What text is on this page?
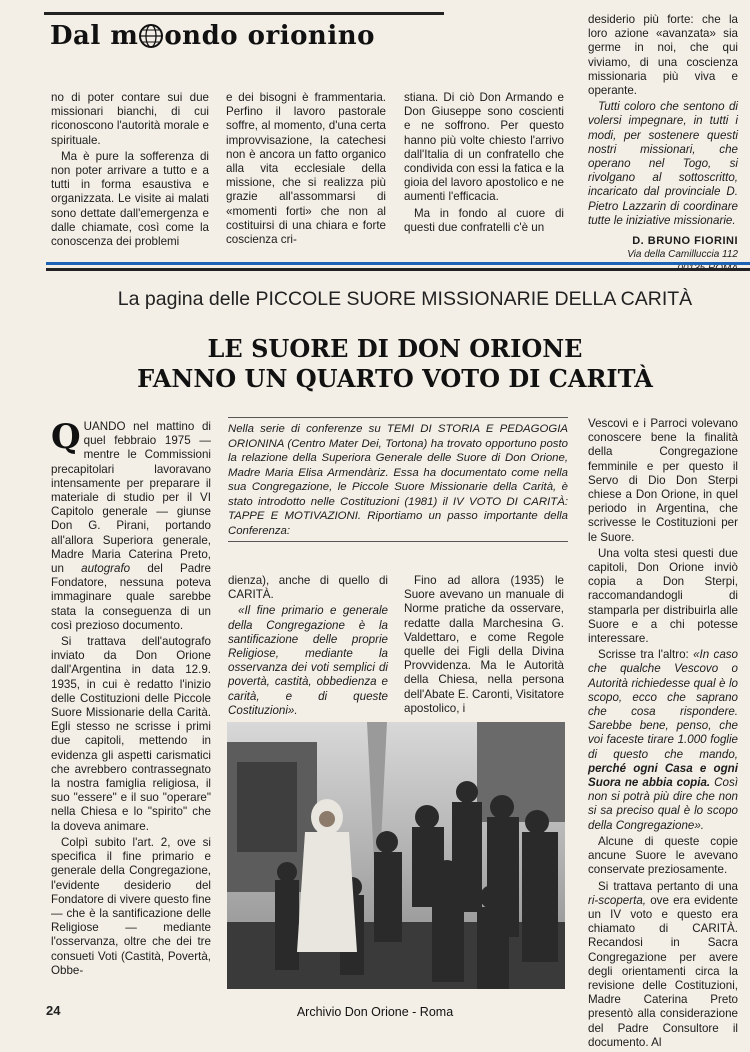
Dal m ondo orionino

no di poter contare sui due missionari bianchi, di cui riconoscono l'autorità morale e spirituale.

Ma è pure la sofferenza di non poter arrivare a tutto e a tutti in forma esaustiva e organizzata. Le visite ai malati sono dettate dall'emergenza e dalle chiamate, così come la conoscenza dei problemi

e dei bisogni è frammentaria. Perfino il lavoro pastorale soffre, al momento, d'una certa improvvisazione, la catechesi non è ancora un fatto organico alla vita ecclesiale della missione, che si realizza più grazie all'assommarsi di «momenti forti» che non al costituirsi di una chiara e forte coscienza cri-

stiana. Di ciò Don Armando e Don Giuseppe sono coscienti e ne soffrono. Per questo hanno più volte chiesto l'arrivo dall'Italia di un confratello che condivida con essi la fatica e la gioia del lavoro apostolico e ne aumenti l'efficacia.

Ma in fondo al cuore di questi due confratelli c'è un

desiderio più forte: che la loro azione «avanzata» sia germe in noi, che qui viviamo, di una coscienza missionaria più viva e operante.

Tutti coloro che sentono di volersi impegnare, in tutti i modi, per sostenere questi nostri missionari, che operano nel Togo, si rivolgano al sottoscritto, incaricato dal provinciale D. Pietro Lazzarin di coordinare tutte le iniziative missionarie.

D. BRUNO FIORINI
Via della Camilluccia 112
La pagina delle PICCOLE SUORE MISSIONARIE DELLA CARITÀ
LE SUORE DI DON ORIONE
FANNO UN QUARTO VOTO DI CARITÀ

QUANDO nel mattino di quel febbraio 1975 — mentre le Commissioni precapitolari lavoravano intensamente per preparare il materiale di studio per il VI Capitolo generale — giunse Don G. Pirani, portando all'allora Superiora generale, Madre Maria Caterina Preto, un autografo del Padre Fondatore, nessuna poteva immaginare quale sarebbe stata la conseguenza di un così prezioso documento.

Si trattava dell'autografo inviato da Don Orione dall'Argentina in data 12.9. 1935, in cui è redatto l'inizio delle Costituzioni delle Piccole Suore Missionarie della Carità. Egli stesso ne scrisse i primi due capitoli, mettendo in evidenza gli aspetti carismatici che avrebbero contrassegnato la nostra famiglia religiosa, il suo "essere" e il suo "operare" nella Chiesa e lo "spirito" che la doveva animare.

Colpì subito l'art. 2, ove si specifica il fine primario e generale della Congregazione, l'evidente desiderio del Fondatore di vivere questo fine — che è la santificazione delle Religiose — mediante l'osservanza, oltre che dei tre consueti Voti (Castità, Povertà, Obbe-

Nella serie di conferenze su TEMI DI STORIA E PEDAGOGIA ORIONINA (Centro Mater Dei, Tortona) ha trovato opportuno posto la relazione della Superiora Generale delle Suore di Don Orione, Madre Maria Elisa Armendàriz. Essa ha documentato come nella sua Congregazione, le Piccole Suore Missionarie della Carità, è stato introdotto nelle Costituzioni (1981) il IV VOTO DI CARITÀ: TAPPE E MOTIVAZIONI. Riportiamo un passo importante della Conferenza:

dienza), anche di quello di CARITÀ.

«Il fine primario e generale della Congregazione è la santificazione delle proprie Religiose, mediante la osservanza dei voti semplici di povertà, castità, obbedienza e carità, e di queste Costituzioni».

Fino ad allora (1935) le Suore avevano un manuale di Norme pratiche da osservare, redatte dalla Marchesina G. Valdettaro, e come Regole quelle dei Figli della Divina Provvidenza. Ma le Autorità della Chiesa, nella persona dell'Abate E. Caronti, Visitatore apostolico, i

Vescovi e i Parroci volevano conoscere bene la finalità della Congregazione femminile e per questo il Servo di Dio Don Sterpi chiese a Don Orione, in quel periodo in Argentina, che scrivesse le Costituzioni per le Suore.

Una volta stesi questi due capitoli, Don Orione inviò copia a Don Sterpi, raccomandandogli di stamparla per distribuirla alle Suore e a chi potesse interessare.

Scrisse tra l'altro: «In caso che qualche Vescovo o Autorità richiedesse qual è lo scopo, ecco che saprano che cosa rispondere. Sarebbe bene, penso, che voi faceste tirare 1.000 foglie di questo che mando, perché ogni Casa e ogni Suora ne abbia copia. Così non si potrà più dire che non si sa preciso qual è lo scopo della Congregazione».

Alcune di queste copie ancune Suore le avevano conservate preziosamente.

Si trattava pertanto di una ri-scoperta, ove era evidente un IV voto e questo era chiamato di CARITÀ. Recandosi in Sacra Congregazione per avere degli orientamenti circa la revisione delle Costituzioni, Madre Caterina Preto presentò alla considerazione del Padre Consultore il documento. Al

24	Archivio Don Orione - Roma
